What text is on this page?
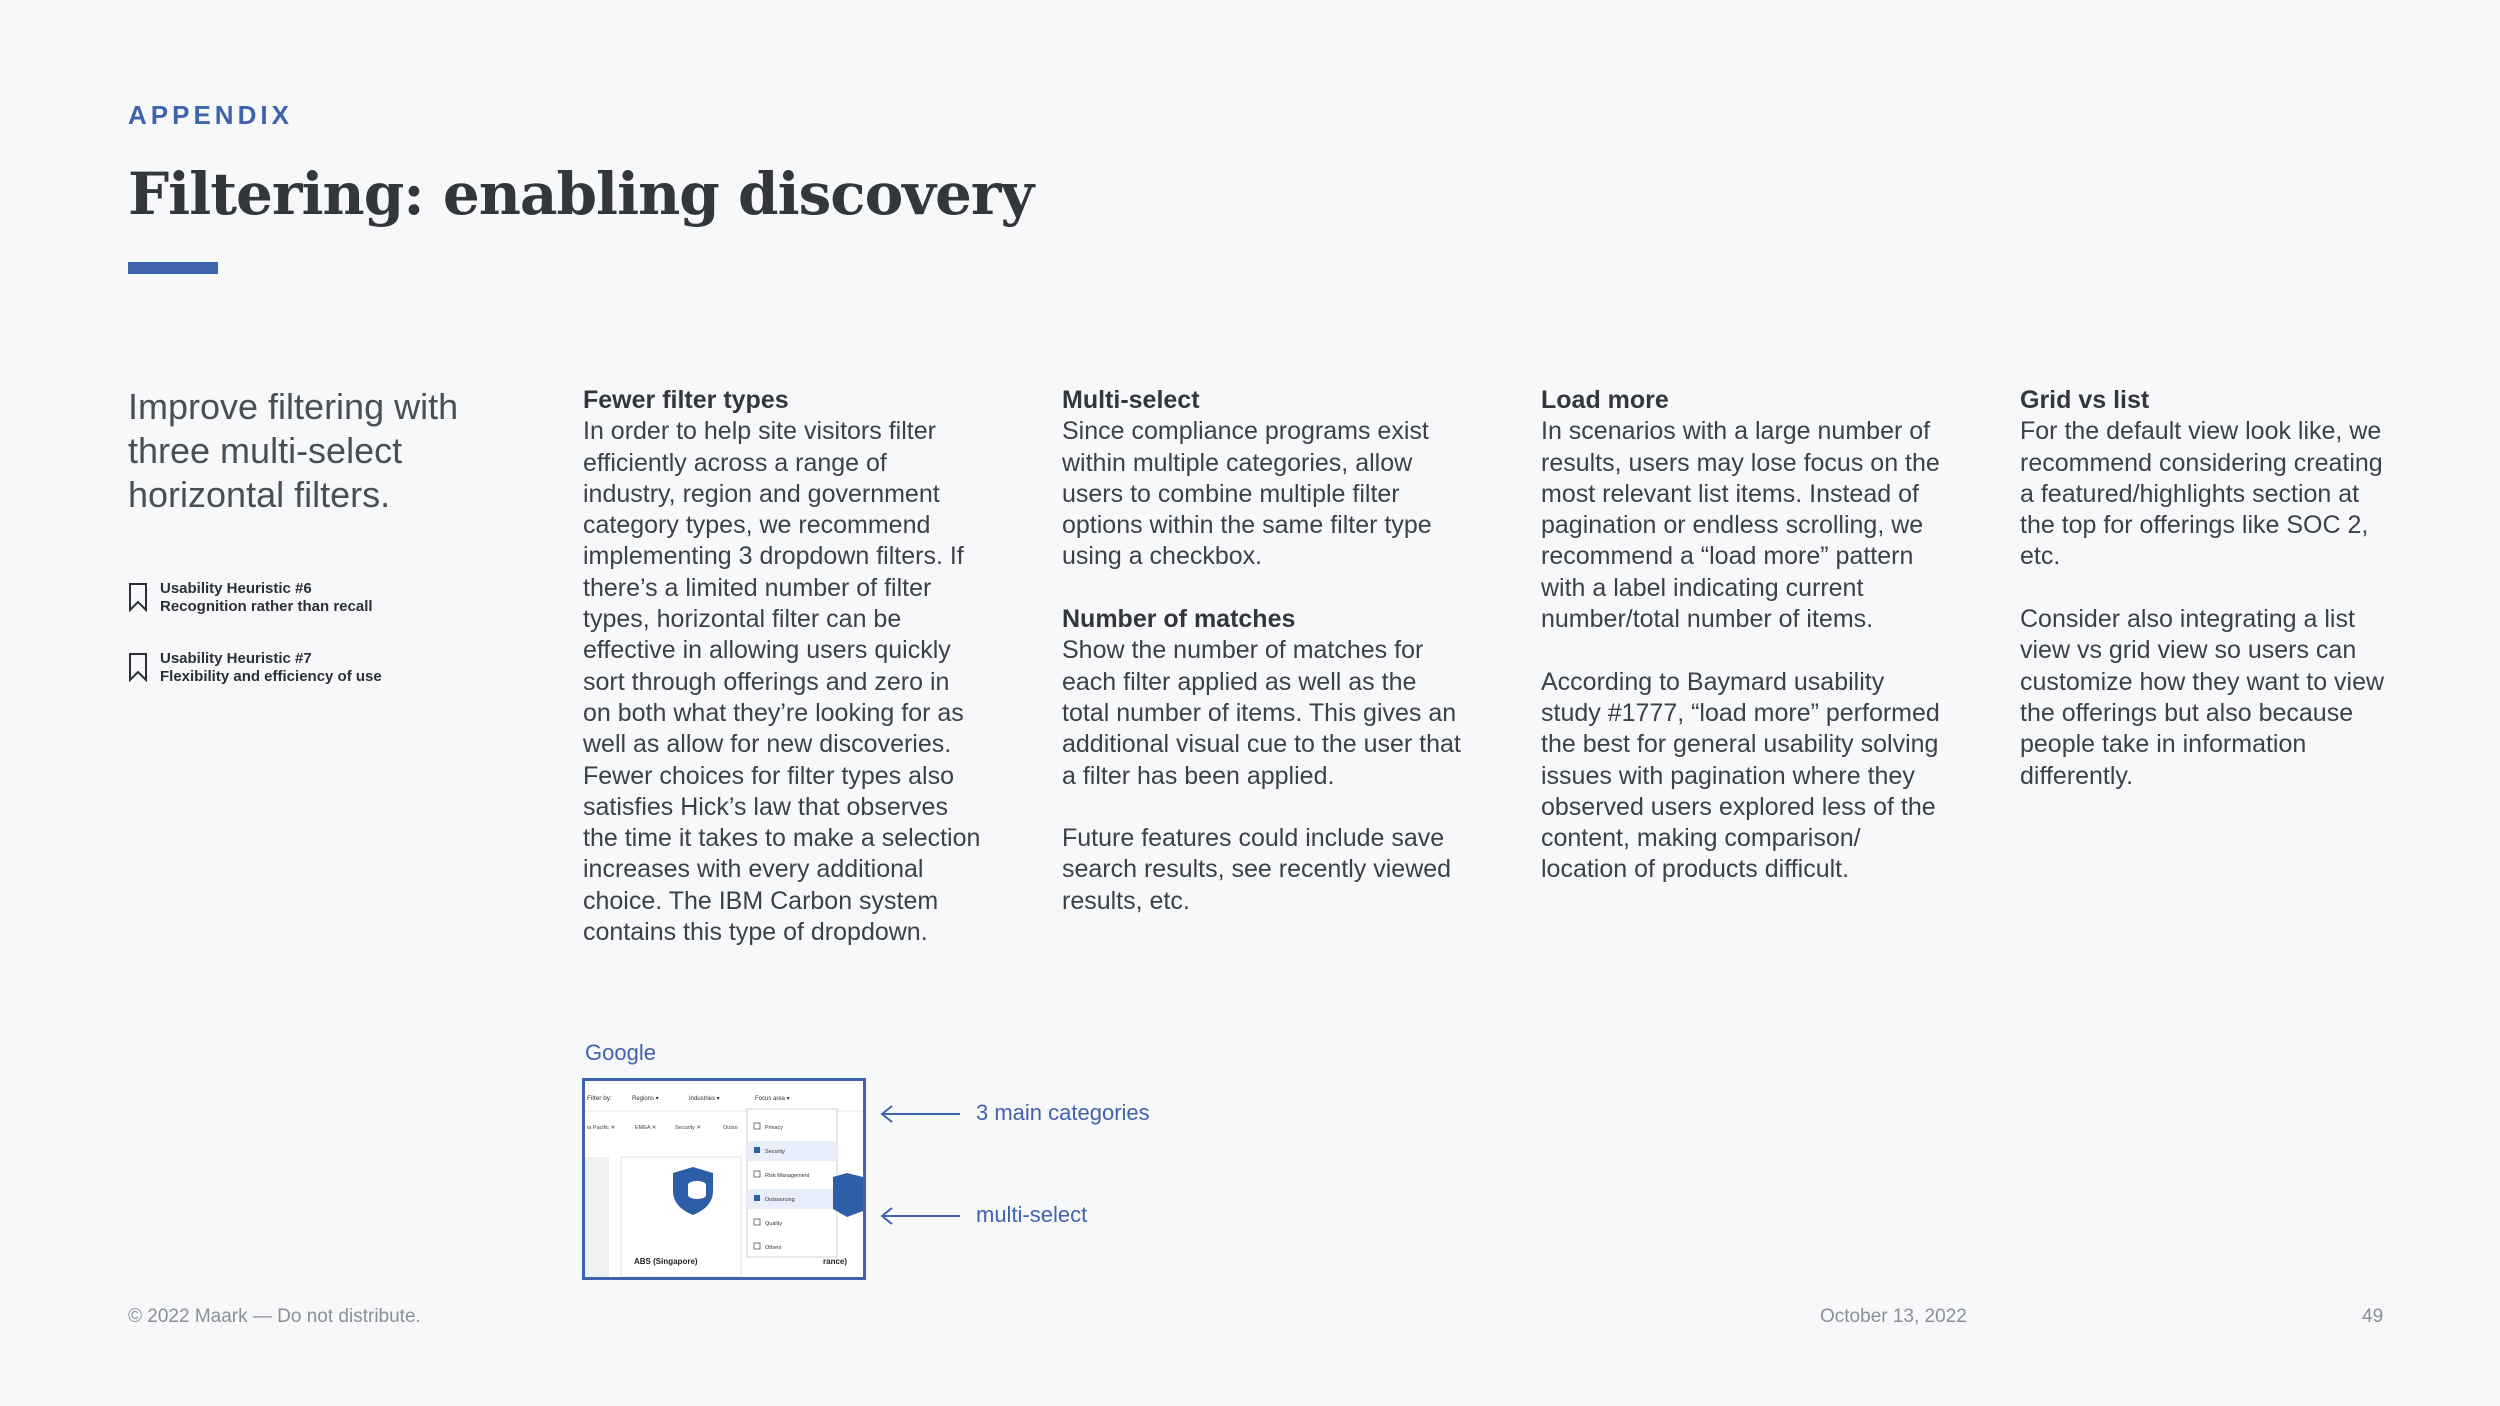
APPENDIX
Filtering: enabling discovery
Improve filtering with three multi-select horizontal filters.
Usability Heuristic #6
Recognition rather than recall
Usability Heuristic #7
Flexibility and efficiency of use
Fewer filter types

In order to help site visitors filter efficiently across a range of industry, region and government category types, we recommend implementing 3 dropdown filters. If there’s a limited number of filter types, horizontal filter can be effective in allowing users quickly sort through offerings and zero in on both what they’re looking for as well as allow for new discoveries. Fewer choices for filter types also satisfies Hick’s law that observes the time it takes to make a selection increases with every additional choice. The IBM Carbon system contains this type of dropdown.

Multi-select

Since compliance programs exist within multiple categories, allow users to combine multiple filter options within the same filter type using a checkbox.

Number of matches

Show the number of matches for each filter applied as well as the total number of items. This gives an additional visual cue to the user that a filter has been applied.

Future features could include save search results, see recently viewed results, etc.

Load more

In scenarios with a large number of results, users may lose focus on the most relevant list items. Instead of pagination or endless scrolling, we recommend a “load more” pattern with a label indicating current number/total number of items.

According to Baymard usability study #1777, “load more” performed the best for general usability solving issues with pagination where they observed users explored less of the content, making comparison/ location of products difficult.

Grid vs list

For the default view look like, we recommend considering creating a featured/highlights section at the top for offerings like SOC 2, etc.

Consider also integrating a list view vs grid view so users can customize how they want to view the offerings but also because people take in information differently.

Google
Filter by:	Regions ▾	Industries ▾	Focus area ▾
ia Pacific ✕	EMEA ✕	Security ✕	Outso
ABS (Singapore)
Privacy
Security
Risk Management
Outsourcing
Quality
Others
rance)
3 main categories
multi-select
© 2022 Maark — Do not distribute.	October 13, 2022	49
